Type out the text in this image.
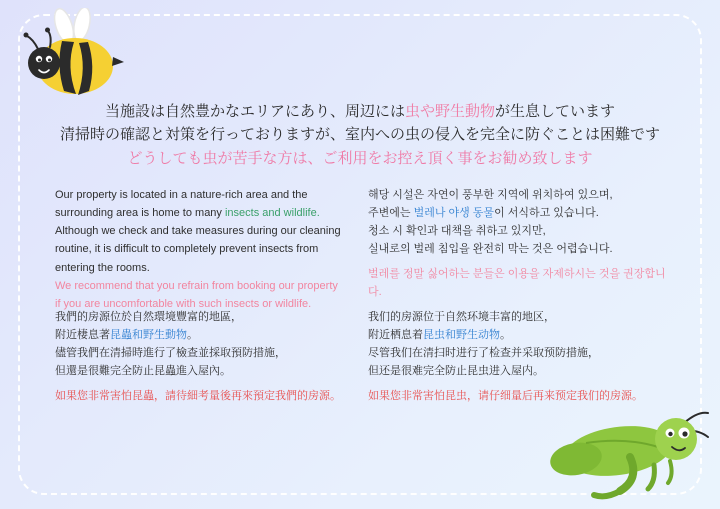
当施設は自然豊かなエリアにあり、周辺には虫や野生動物が生息しています
清掃時の確認と対策を行っておりますが、室内への虫の侵入を完全に防ぐことは困難です
どうしても虫が苦手な方は、ご利用をお控え頂く事をお勧め致します

Our property is located in a nature-rich area and the

surrounding area is home to many insects and wildlife.

Although we check and take measures during our cleaning

routine, it is difficult to completely prevent insects from

entering the rooms.

We recommend that you refrain from booking our property

if you are uncomfortable with such insects or wildlife.

해당 시설은 자연이 풍부한 지역에 위치하여 있으며,

주변에는 벌레나 야생 동물이 서식하고 있습니다.

청소 시 확인과 대책을 취하고 있지만,

실내로의 벌레 침입을 완전히 막는 것은 어렵습니다.

벌레를 정말 싫어하는 분들은 이용을 자제하시는 것을 권장합니다.

我們的房源位於自然環境豐富的地區，

附近棲息著昆蟲和野生動物。

儘管我們在清掃時進行了檢查並採取預防措施，

但還是很難完全防止昆蟲進入屋內。

如果您非常害怕昆蟲，請待細考量後再來預定我們的房源。

我们的房源位于自然环境丰富的地区，

附近栖息着昆虫和野生动物。

尽管我们在清扫时进行了检查并采取预防措施，

但还是很难完全防止昆虫进入屋内。

如果您非常害怕昆虫，请仔细量后再来预定我们的房源。
